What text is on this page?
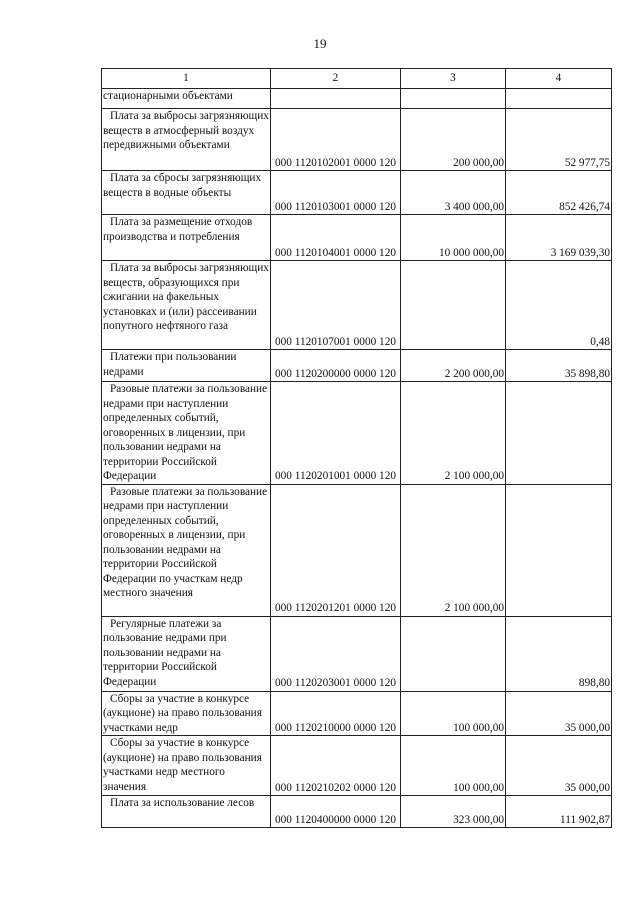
19
1	2	3	4
стационарными объектами			
Плата за выбросы загрязняющих веществ в атмосферный воздух передвижными объектами	000 1120102001 0000 120	200 000,00	52 977,75
Плата за сбросы загрязняющих веществ в водные объекты	000 1120103001 0000 120	3 400 000,00	852 426,74
Плата за размещение отходов производства и потребления	000 1120104001 0000 120	10 000 000,00	3 169 039,30
Плата за выбросы загрязняющих веществ, образующихся при сжигании на факельных установках и (или) рассеивании попутного нефтяного газа	000 1120107001 0000 120		0,48
Платежи при пользовании недрами	000 1120200000 0000 120	2 200 000,00	35 898,80
Разовые платежи за пользование недрами при наступлении определенных событий, оговоренных в лицензии, при пользовании недрами на территории Российской Федерации	000 1120201001 0000 120	2 100 000,00	
Разовые платежи за пользование недрами при наступлении определенных событий, оговоренных в лицензии, при пользовании недрами на территории Российской Федерации по участкам недр местного значения	000 1120201201 0000 120	2 100 000,00	
Регулярные платежи за пользование недрами при пользовании недрами на территории Российской Федерации	000 1120203001 0000 120		898,80
Сборы за участие в конкурсе (аукционе) на право пользования участками недр	000 1120210000 0000 120	100 000,00	35 000,00
Сборы за участие в конкурсе (аукционе) на право пользования участками недр местного значения	000 1120210202 0000 120	100 000,00	35 000,00
Плата за использование лесов	000 1120400000 0000 120	323 000,00	111 902,87
